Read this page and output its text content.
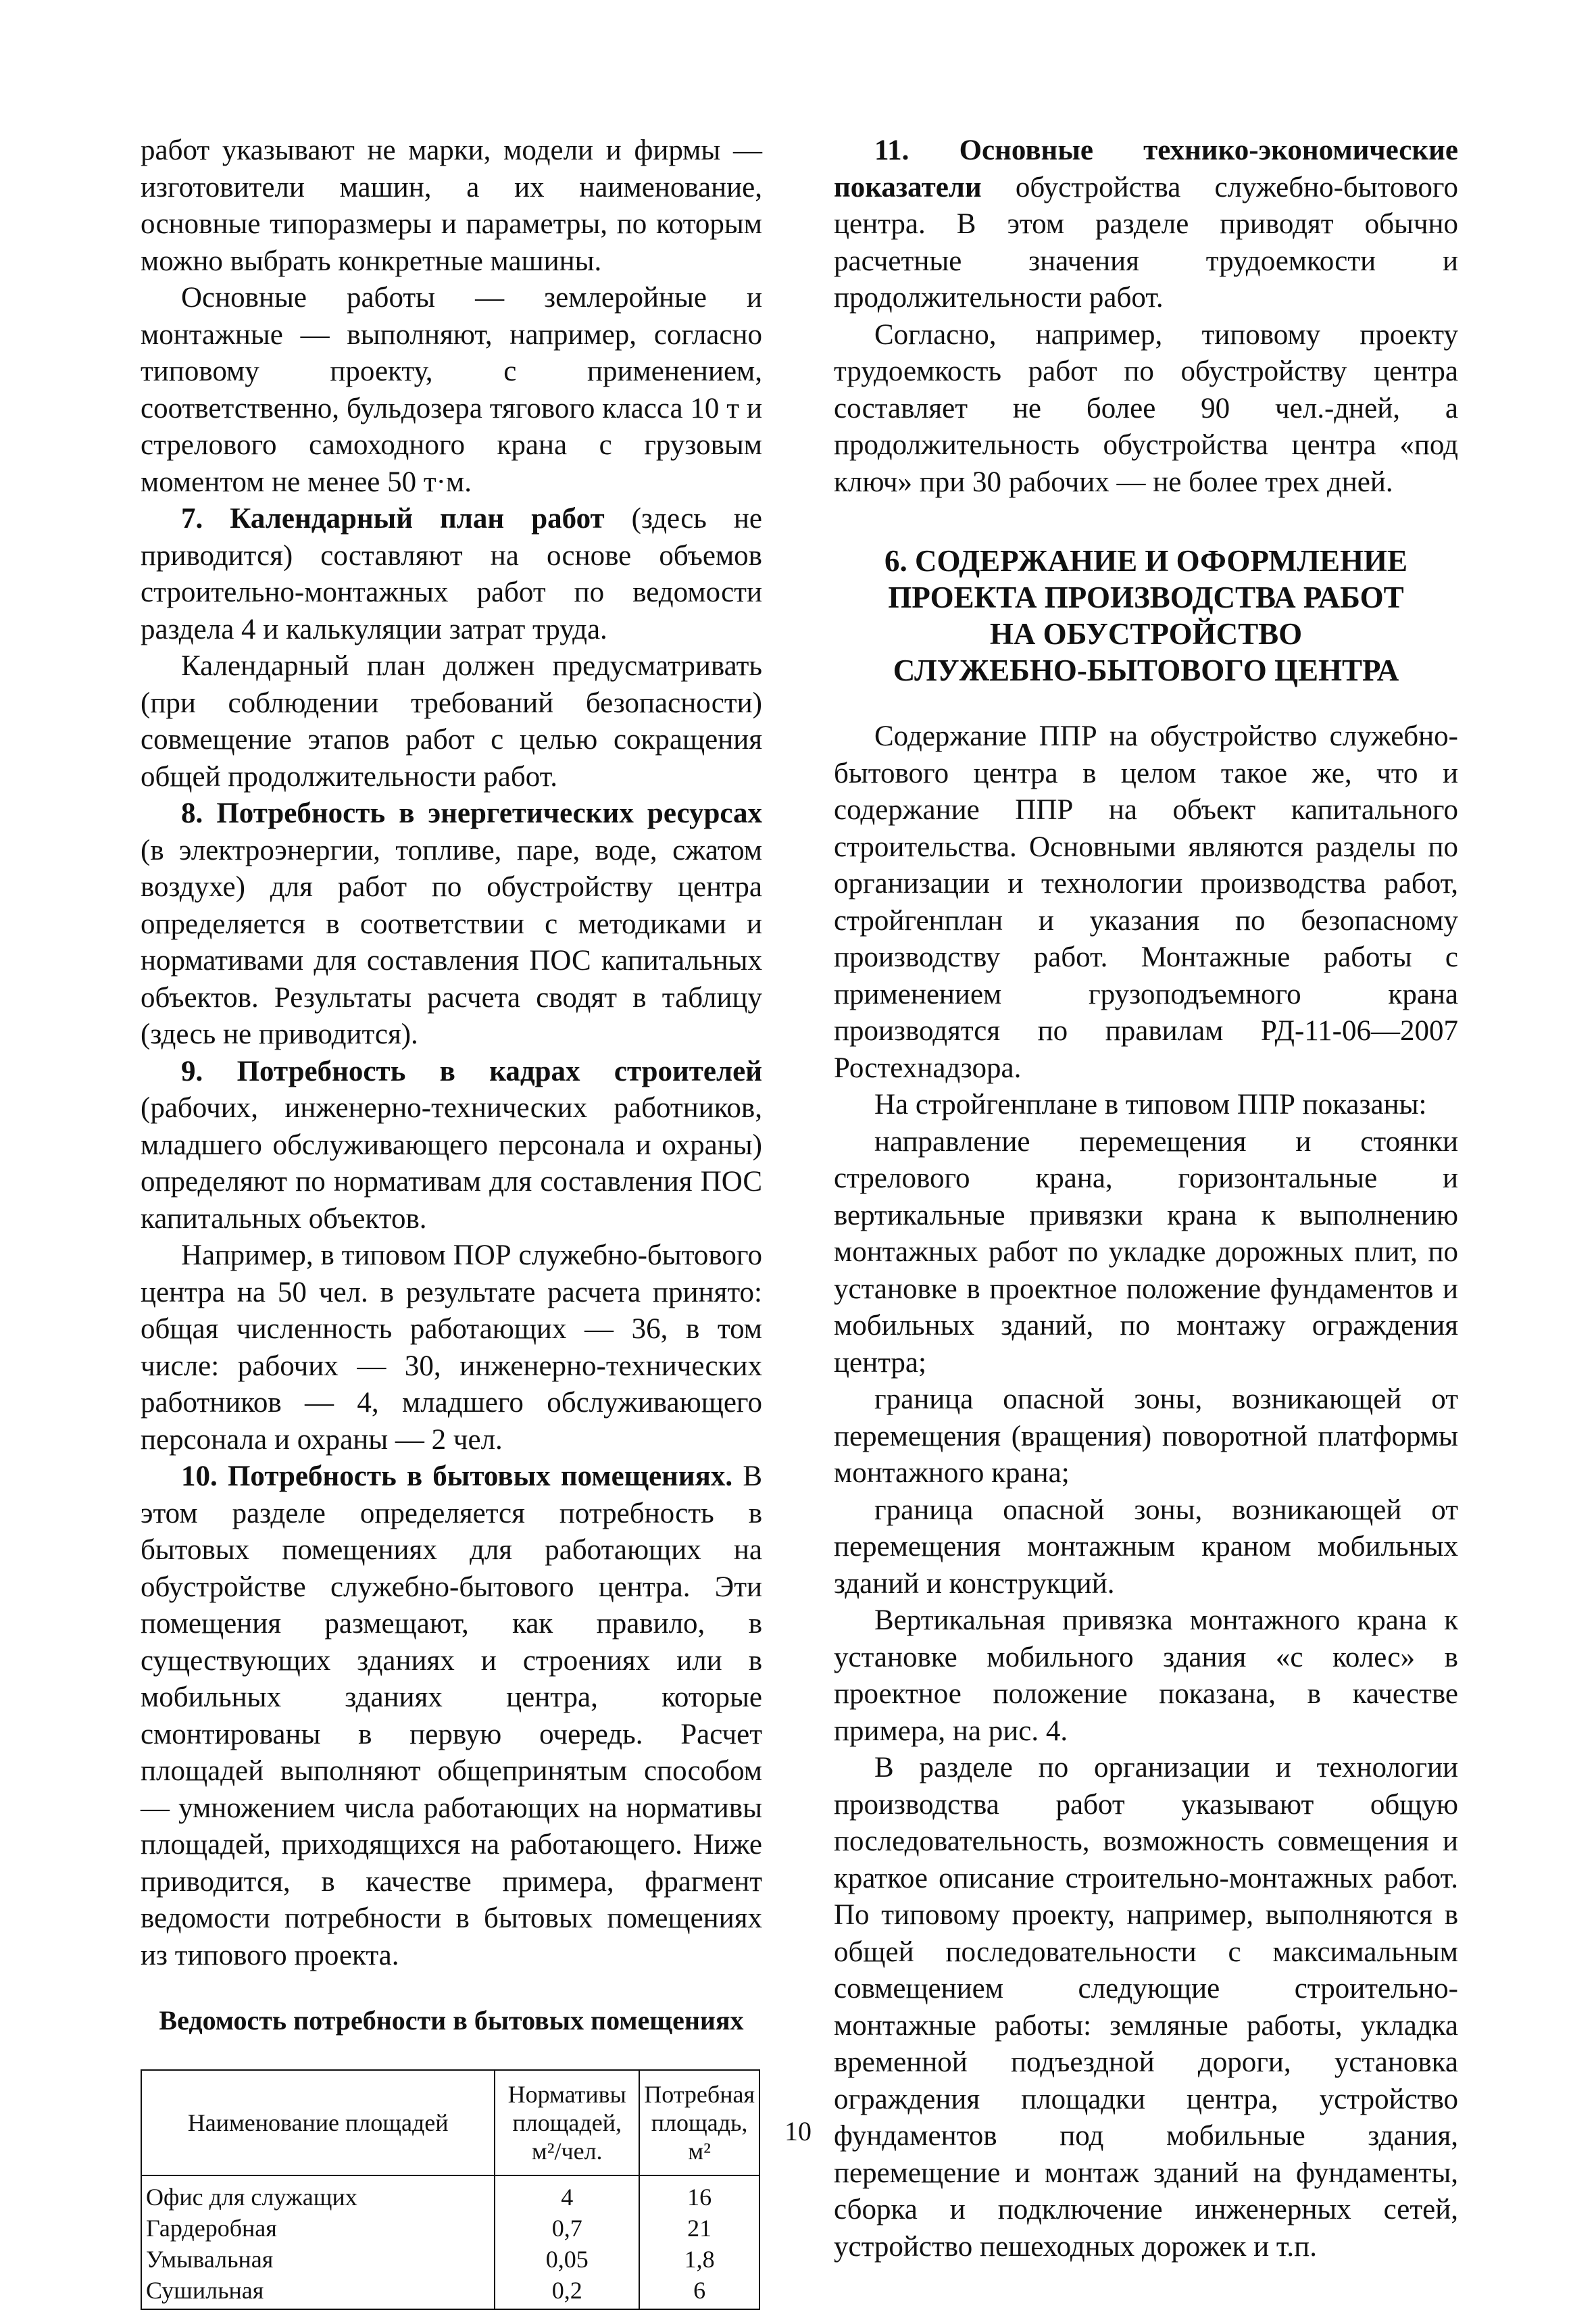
работ указывают не марки, модели и фирмы — изготовители машин, а их наименование, основные типоразмеры и параметры, по которым можно выбрать конкретные машины.

Основные работы — землеройные и монтажные — выполняют, например, согласно типовому проекту, с применением, соответственно, бульдозера тягового класса 10 т и стрелового самоходного крана с грузовым моментом не менее 50 т·м.

7. Календарный план работ (здесь не приводится) составляют на основе объемов строительно-монтажных работ по ведомости раздела 4 и калькуляции затрат труда.

Календарный план должен предусматривать (при соблюдении требований безопасности) совмещение этапов работ с целью сокращения общей продолжительности работ.

8. Потребность в энергетических ресурсах (в электроэнергии, топливе, паре, воде, сжатом воздухе) для работ по обустройству центра определяется в соответствии с методиками и нормативами для составления ПОС капитальных объектов. Результаты расчета сводят в таблицу (здесь не приводится).

9. Потребность в кадрах строителей (рабочих, инженерно-технических работников, младшего обслуживающего персонала и охраны) определяют по нормативам для составления ПОС капитальных объектов.

Например, в типовом ПОР служебно-бытового центра на 50 чел. в результате расчета принято: общая численность работающих — 36, в том числе: рабочих — 30, инженерно-технических работников — 4, младшего обслуживающего персонала и охраны — 2 чел.

10. Потребность в бытовых помещениях. В этом разделе определяется потребность в бытовых помещениях для работающих на обустройстве служебно-бытового центра. Эти помещения размещают, как правило, в существующих зданиях и строениях или в мобильных зданиях центра, которые смонтированы в первую очередь. Расчет площадей выполняют общепринятым способом — умножением числа работающих на нормативы площадей, приходящихся на работающего. Ниже приводится, в качестве примера, фрагмент ведомости потребности в бытовых помещениях из типового проекта.

Ведомость потребности в бытовых помещениях
Наименование площадей	Нормативы площадей, м²/чел.	Потребная площадь, м²
Офис для служащих	4	16
Гардеробная	0,7	21
Умывальная	0,05	1,8
Сушильная	0,2	6

11. Основные технико-экономические показатели обустройства служебно-бытового центра. В этом разделе приводят обычно расчетные значения трудоемкости и продолжительности работ.

Согласно, например, типовому проекту трудоемкость работ по обустройству центра составляет не более 90 чел.-дней, а продолжительность обустройства центра «под ключ» при 30 рабочих — не более трех дней.

6. СОДЕРЖАНИЕ И ОФОРМЛЕНИЕ
ПРОЕКТА ПРОИЗВОДСТВА РАБОТ
НА ОБУСТРОЙСТВО
СЛУЖЕБНО-БЫТОВОГО ЦЕНТРА

Содержание ППР на обустройство служебно-бытового центра в целом такое же, что и содержание ППР на объект капитального строительства. Основными являются разделы по организации и технологии производства работ, стройгенплан и указания по безопасному производству работ. Монтажные работы с применением грузоподъемного крана производятся по правилам РД-11-06—2007 Ростехнадзора.

На стройгенплане в типовом ППР показаны:

направление перемещения и стоянки стрелового крана, горизонтальные и вертикальные привязки крана к выполнению монтажных работ по укладке дорожных плит, по установке в проектное положение фундаментов и мобильных зданий, по монтажу ограждения центра;

граница опасной зоны, возникающей от перемещения (вращения) поворотной платформы монтажного крана;

граница опасной зоны, возникающей от перемещения монтажным краном мобильных зданий и конструкций.

Вертикальная привязка монтажного крана к установке мобильного здания «с колес» в проектное положение показана, в качестве примера, на рис. 4.

В разделе по организации и технологии производства работ указывают общую последовательность, возможность совмещения и краткое описание строительно-монтажных работ. По типовому проекту, например, выполняются в общей последовательности с максимальным совмещением следующие строительно-монтажные работы: земляные работы, укладка временной подъездной дороги, установка ограждения площадки центра, устройство фундаментов под мобильные здания, перемещение и монтаж зданий на фундаменты, сборка и подключение инженерных сетей, устройство пешеходных дорожек и т.п.

10
